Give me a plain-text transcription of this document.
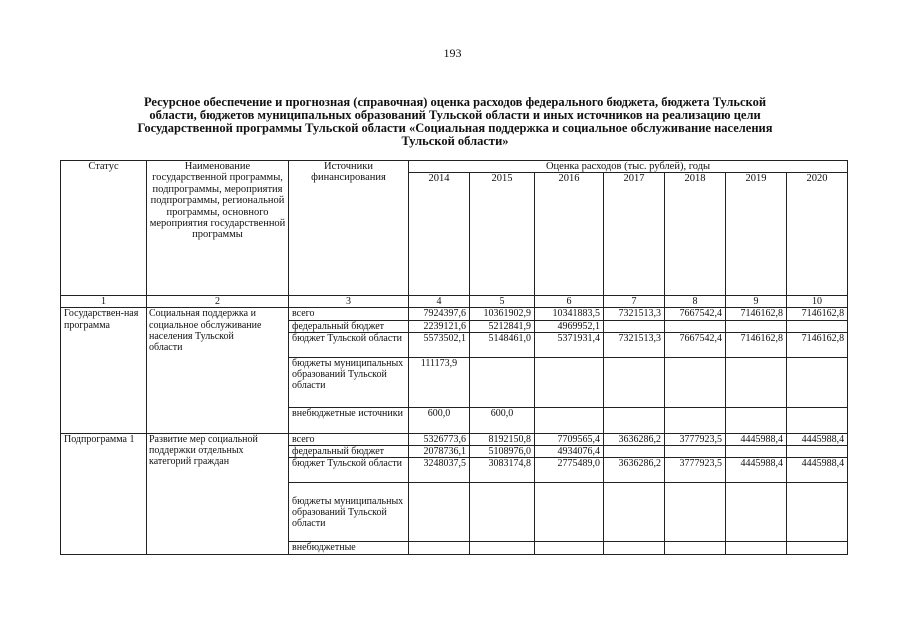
193
Ресурсное обеспечение и прогнозная (справочная) оценка расходов федерального бюджета, бюджета Тульской
области, бюджетов муниципальных образований Тульской области и иных источников на реализацию цели
Государственной программы Тульской области «Социальная поддержка и социальное обслуживание населения
Тульской области»
Статус	Наименование государственной программы, подпрограммы, мероприятия подпрограммы, региональной программы, основного мероприятия государственной программы	Источники финансирования	Оценка расходов (тыс. рублей), годы						
			2014	2015	2016	2017	2018	2019	2020
1	2	3	4	5	6	7	8	9	10
Государствен-ная программа	Социальная поддержка и
социальное обслуживание
населения Тульской
области	всего	7924397,6	10361902,9	10341883,5	7321513,3	7667542,4	7146162,8	7146162,8
		федеральный бюджет	2239121,6	5212841,9	4969952,1				
		бюджет Тульской области	5573502,1	5148461,0	5371931,4	7321513,3	7667542,4	7146162,8	7146162,8
		бюджеты муниципальных образований Тульской области	111173,9						
		внебюджетные источники	600,0	600,0					
Подпрограмма 1	Развитие мер социальной
поддержки отдельных
категорий граждан	всего	5326773,6	8192150,8	7709565,4	3636286,2	3777923,5	4445988,4	4445988,4
		федеральный бюджет	2078736,1	5108976,0	4934076,4				
		бюджет Тульской области	3248037,5	3083174,8	2775489,0	3636286,2	3777923,5	4445988,4	4445988,4
		бюджеты муниципальных образований Тульской области							
		внебюджетные							
